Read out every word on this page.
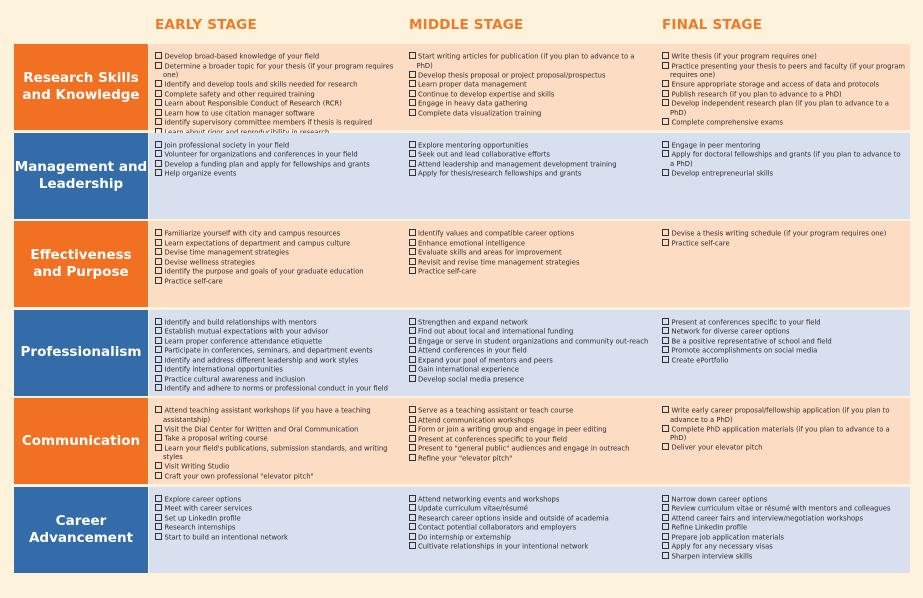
EARLY STAGE	MIDDLE STAGE	FINAL STAGE
Research Skills and Knowledge
Develop broad-based knowledge of your field
Determine a broader topic for your thesis (if your program requires one)
Identify and develop tools and skills needed for research
Complete safety and other required training
Learn about Responsible Conduct of Research (RCR)
Learn how to use citation manager software
Identify supervisory committee members if thesis is required
Start writing articles for publication (if you plan to advance to a PhD)
Develop thesis proposal or project proposal/prospectus
Learn proper data management
Continue to develop expertise and skills
Engage in heavy data gathering
Complete data visualization training
Write thesis (if your program requires one)
Practice presenting your thesis to peers and faculty (if your program requires one)
Ensure appropriate storage and access of data and protocols
Publish research (if you plan to advance to a PhD)
Develop independent research plan (if you plan to advance to a PhD)
Complete comprehensive exams
Management and Leadership
Join professional society in your field
Volunteer for organizations and conferences in your field
Develop a funding plan and apply for fellowships and grants
Help organize events
Explore mentoring opportunities
Seek out and lead collaborative efforts
Attend leadership and management development training
Apply for thesis/research fellowships and grants
Engage in peer mentoring
Apply for doctoral fellowships and grants (if you plan to advance to a PhD)
Develop entrepreneurial skills
Effectiveness and Purpose
Familiarize yourself with city and campus resources
Learn expectations of department and campus culture
Devise time management strategies
Devise wellness strategies
Identify the purpose and goals of your graduate education
Practice self-care
Identify values and compatible career options
Enhance emotional intelligence
Evaluate skills and areas for improvement
Revisit and revise time management strategies
Practice self-care
Devise a thesis writing schedule (if your program requires one)
Practice self-care
Professionalism
Identify and build relationships with mentors
Establish mutual expectations with your advisor
Learn proper conference attendance etiquette
Participate in conferences, seminars, and department events
Identify and address different leadership and work styles
Identify international opportunities
Practice cultural awareness and inclusion
Identify and adhere to norms or professional conduct in your field
Strengthen and expand network
Find out about local and international funding
Engage or serve in student organizations and community out-reach
Attend conferences in your field
Expand your pool of mentors and peers
Gain international experience
Develop social media presence
Present at conferences specific to your field
Network for diverse career options
Be a positive representative of school and field
Promote accomplishments on social media
Create ePortfolio
Communication
Attend teaching assistant workshops (if you have a teaching assistantship)
Visit the Dial Center for Written and Oral Communication
Take a proposal writing course
Learn your field's publications, submission standards, and writing styles
Visit Writing Studio
Craft your own professional "elevator pitch"
Serve as a teaching assistant or teach course
Attend communication workshops
Form or join a writing group and engage in peer editing
Present at conferences specific to your field
Present to "general public" audiences and engage in outreach
Refine your "elevator pitch"
Write early career proposal/fellowship application (if you plan to advance to a PhD)
Complete PhD application materials (if you plan to advance to a PhD)
Deliver your elevator pitch
Career Advancement
Explore career options
Meet with career services
Set up LinkedIn profile
Research internships
Start to build an intentional network
Attend networking events and workshops
Update curriculum vitae/résumé
Research career options inside and outside of academia
Contact potential collaborators and employers
Do internship or externship
Cultivate relationships in your intentional network
Narrow down career options
Review curriculum vitae or résumé with mentors and colleagues
Attend career fairs and interview/negotiation workshops
Refine LinkedIn profile
Prepare job application materials
Apply for any necessary visas
Sharpen interview skills
